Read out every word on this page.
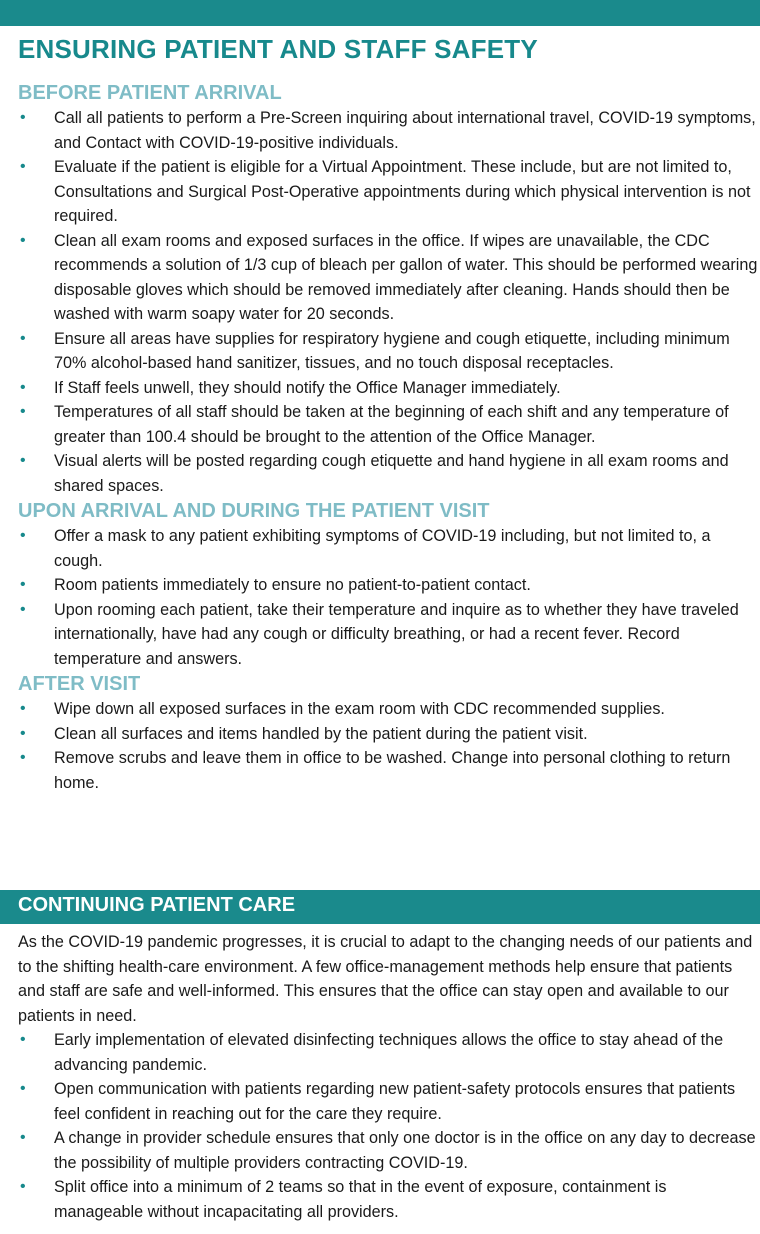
ENSURING PATIENT AND STAFF SAFETY
BEFORE PATIENT ARRIVAL
• Call all patients to perform a Pre-Screen inquiring about international travel, COVID-19 symptoms, and Contact with COVID-19-positive individuals.
• Evaluate if the patient is eligible for a Virtual Appointment. These include, but are not limited to, Consultations and Surgical Post-Operative appointments during which physical intervention is not required.
• Clean all exam rooms and exposed surfaces in the office. If wipes are unavailable, the CDC recommends a solution of 1/3 cup of bleach per gallon of water. This should be performed wearing disposable gloves which should be removed immediately after cleaning. Hands should then be washed with warm soapy water for 20 seconds.
• Ensure all areas have supplies for respiratory hygiene and cough etiquette, including minimum 70% alcohol-based hand sanitizer, tissues, and no touch disposal receptacles.
• If Staff feels unwell, they should notify the Office Manager immediately.
• Temperatures of all staff should be taken at the beginning of each shift and any temperature of greater than 100.4 should be brought to the attention of the Office Manager.
• Visual alerts will be posted regarding cough etiquette and hand hygiene in all exam rooms and shared spaces.
UPON ARRIVAL AND DURING THE PATIENT VISIT
• Offer a mask to any patient exhibiting symptoms of COVID-19 including, but not limited to, a cough.
• Room patients immediately to ensure no patient-to-patient contact.
• Upon rooming each patient, take their temperature and inquire as to whether they have traveled internationally, have had any cough or difficulty breathing, or had a recent fever. Record temperature and answers.
AFTER VISIT
• Wipe down all exposed surfaces in the exam room with CDC recommended supplies.
• Clean all surfaces and items handled by the patient during the patient visit.
• Remove scrubs and leave them in office to be washed. Change into personal clothing to return home.
CONTINUING PATIENT CARE

As the COVID-19 pandemic progresses, it is crucial to adapt to the changing needs of our patients and to the shifting health-care environment. A few office-management methods help ensure that patients and staff are safe and well-informed. This ensures that the office can stay open and available to our patients in need.

• Early implementation of elevated disinfecting techniques allows the office to stay ahead of the advancing pandemic.
• Open communication with patients regarding new patient-safety protocols ensures that patients feel confident in reaching out for the care they require.
• A change in provider schedule ensures that only one doctor is in the office on any day to decrease the possibility of multiple providers contracting COVID-19.
• Split office into a minimum of 2 teams so that in the event of exposure, containment is manageable without incapacitating all providers.
